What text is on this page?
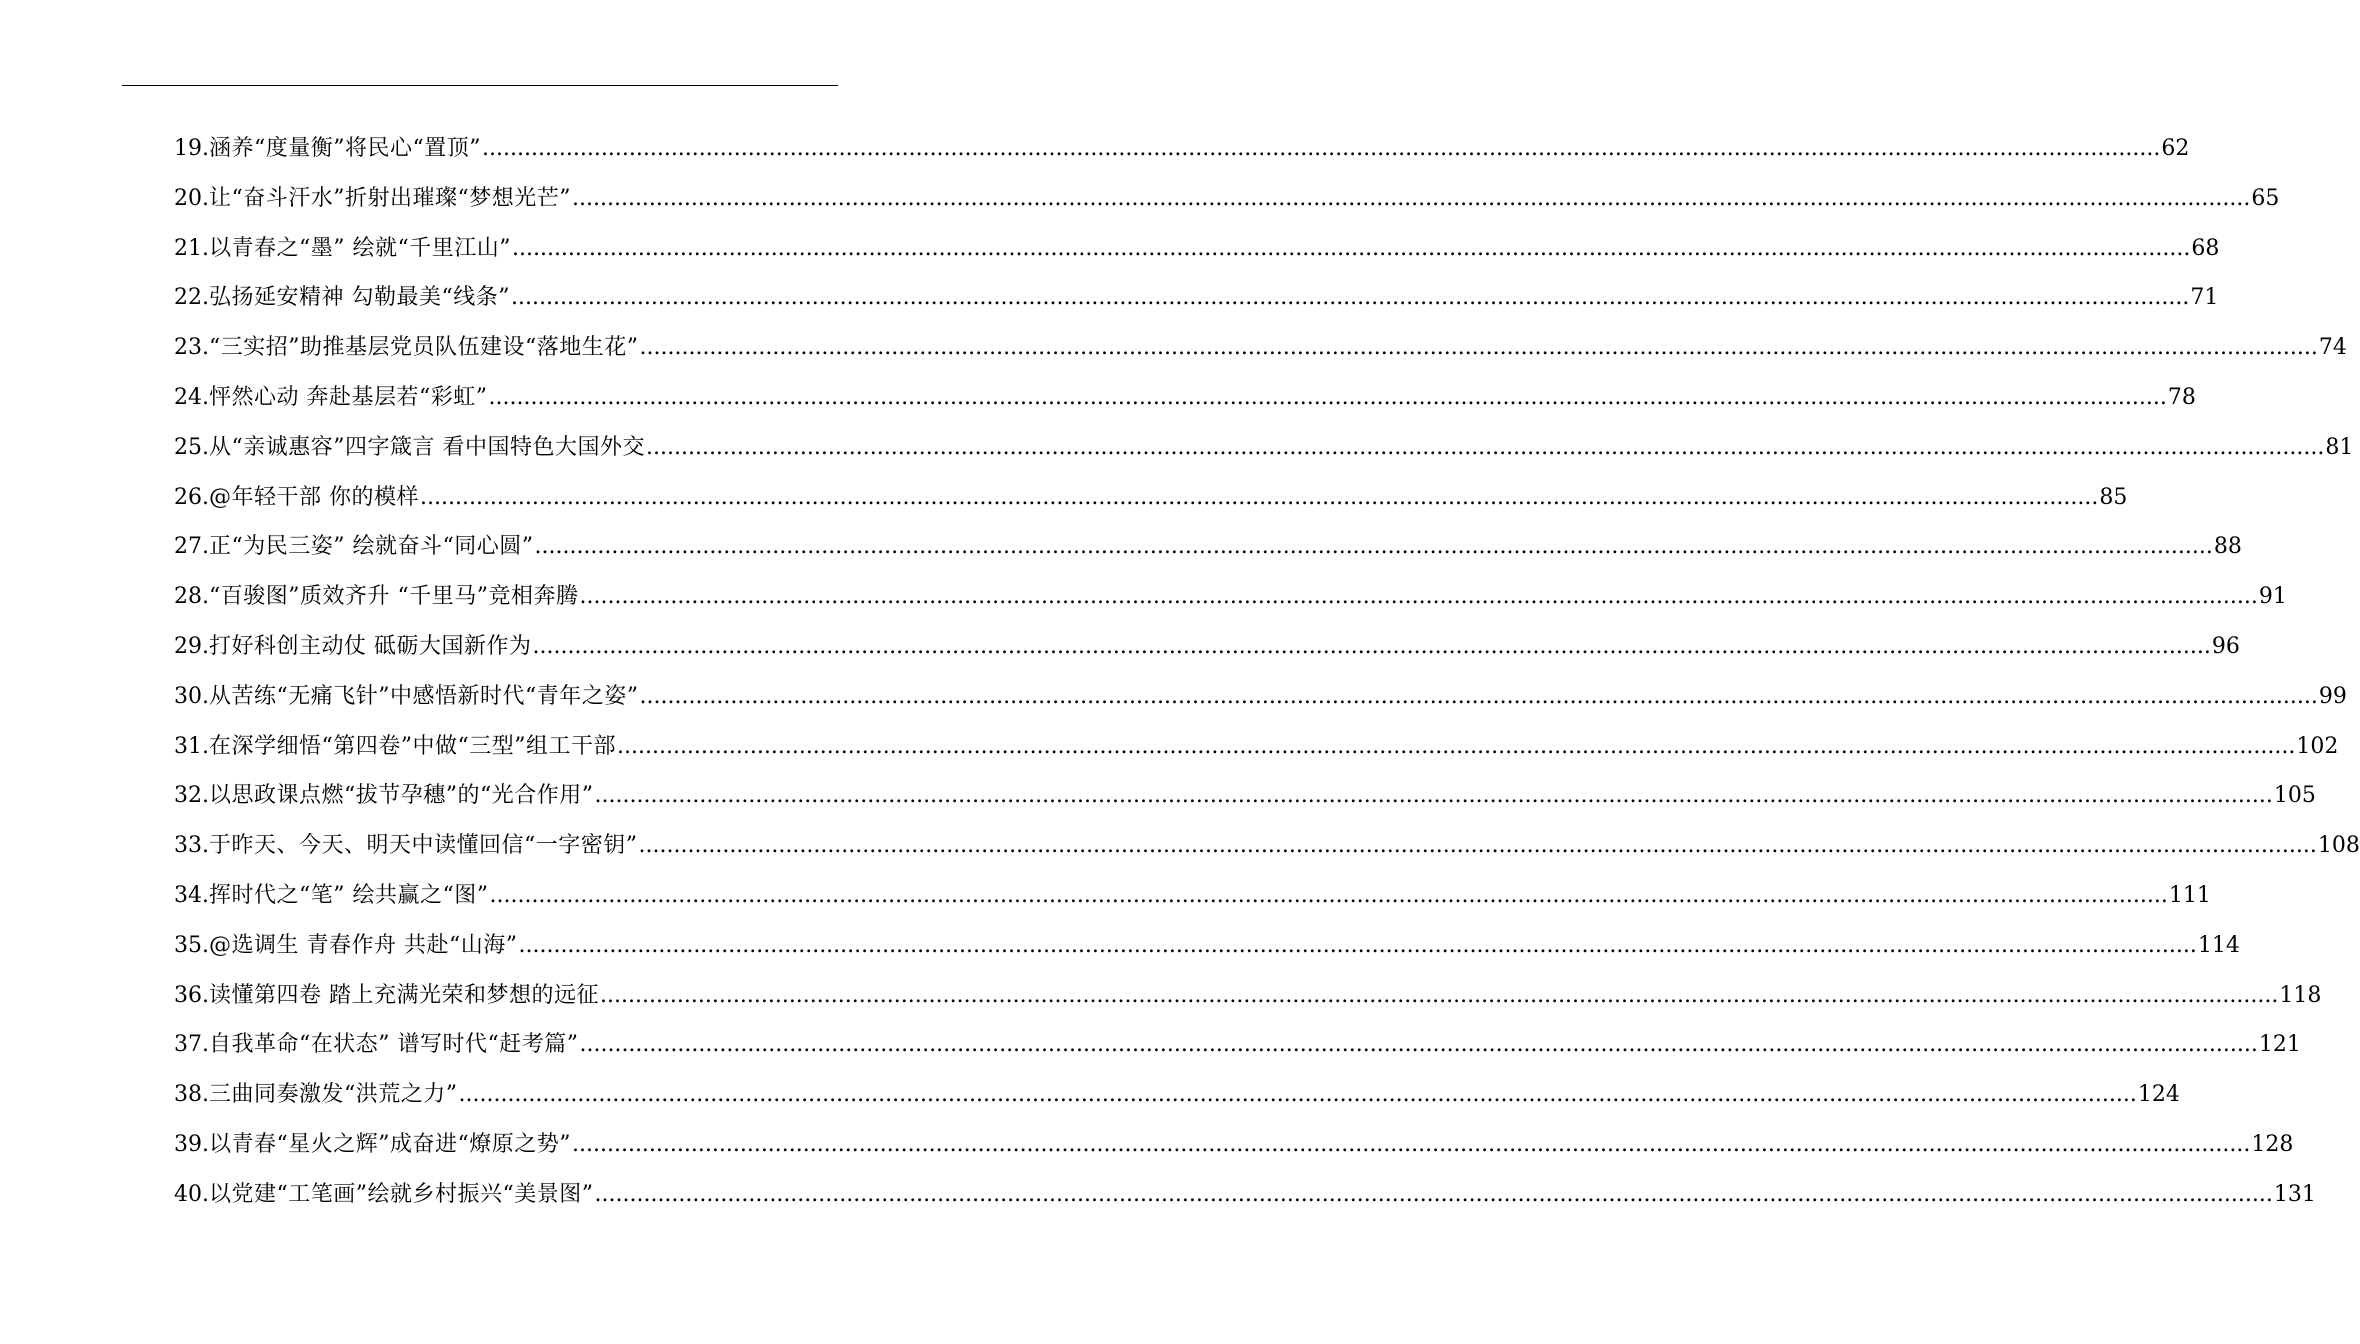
19. 涵养“度量衡”将民心“置顶” .....	62
20. 让“奋斗汗水”折射出璀璨“梦想光芒” .....	65
21. 以青春之“墨” 绘就“千里江山” .....	68
22. 弘扬延安精神 勾勒最美“线条” .....	71
23. “三实招”助推基层党员队伍建设“落地生花” .....	74
24. 怦然心动 奔赴基层若“彩虹” .....	78
25. 从“亲诚惠容”四字箴言 看中国特色大国外交 .....	81
26. @年轻干部 你的模样 .....	85
27. 正“为民三姿” 绘就奋斗“同心圆” .....	88
28. “百骏图”质效齐升 “千里马”竞相奔腾 .....	91
29. 打好科创主动仗 砥砺大国新作为 .....	96
30. 从苦练“无痛飞针”中感悟新时代“青年之姿” .....	99
31. 在深学细悟“第四卷”中做“三型”组工干部 .....	102
32. 以思政课点燃“拔节孕穗”的“光合作用” .....	105
33. 于昨天、今天、明天中读懂回信“一字密钥” .....	108
34. 挥时代之“笔” 绘共赢之“图” .....	111
35. @选调生 青春作舟 共赴“山海” .....	114
36. 读懂第四卷 踏上充满光荣和梦想的远征 .....	118
37. 自我革命“在状态” 谱写时代“赶考篇” .....	121
38. 三曲同奏激发“洪荒之力” .....	124
39. 以青春“星火之辉”成奋进“燎原之势” .....	128
40. 以党建“工笔画”绘就乡村振兴“美景图” .....	131
